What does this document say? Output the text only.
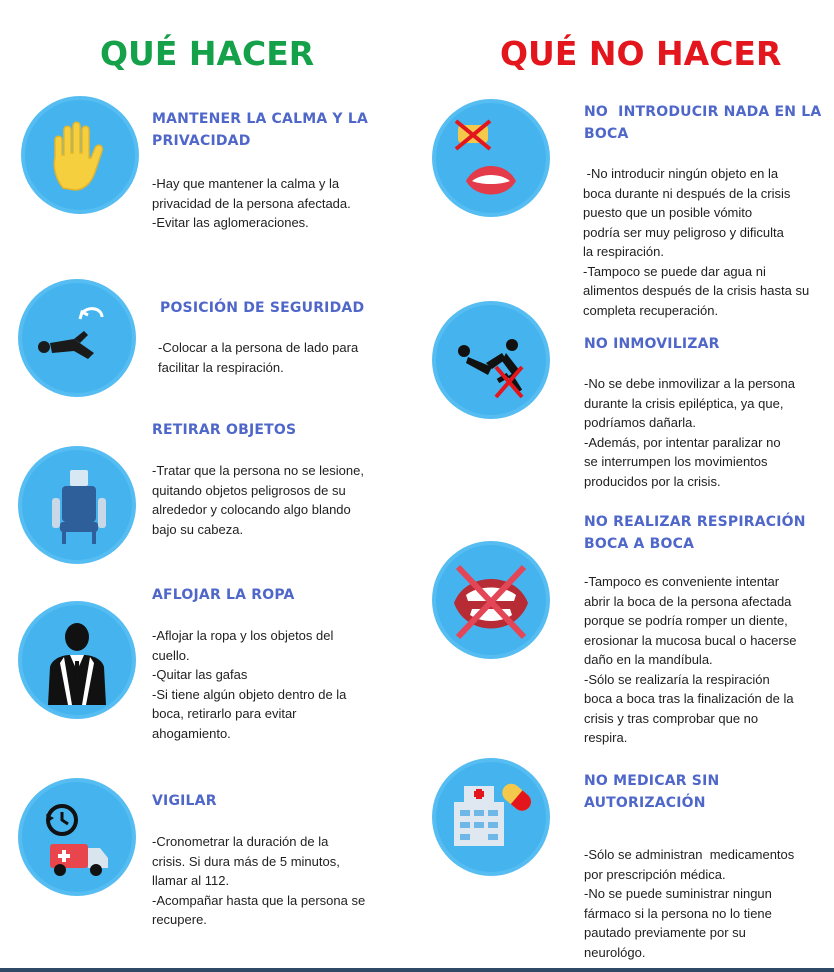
QUÉ HACER	QUÉ NO HACER
MANTENER LA CALMA Y LA
PRIVACIDAD

-Hay que mantener la calma y la
privacidad de la persona afectada.
-Evitar las aglomeraciones.

POSICIÓN DE SEGURIDAD

-Colocar a la persona de lado para
facilitar la respiración.

RETIRAR OBJETOS

-Tratar que la persona no se lesione,
quitando objetos peligrosos de su
alrededor y colocando algo blando
bajo su cabeza.

AFLOJAR LA ROPA

-Aflojar la ropa y los objetos del
cuello.
-Quitar las gafas
-Si tiene algún objeto dentro de la
boca, retirarlo para evitar
ahogamiento.

VIGILAR

-Cronometrar la duración de la
crisis. Si dura más de 5 minutos,
llamar al 112.
-Acompañar hasta que la persona se
recupere.

NO  INTRODUCIR NADA EN LA
BOCA

-No introducir ningún objeto en la
boca durante ni después de la crisis
puesto que un posible vómito
podría ser muy peligroso y dificulta
la respiración.
-Tampoco se puede dar agua ni
alimentos después de la crisis hasta su
completa recuperación.

NO INMOVILIZAR

-No se debe inmovilizar a la persona
durante la crisis epiléptica, ya que,
podríamos dañarla.
-Además, por intentar paralizar no
se interrumpen los movimientos
producidos por la crisis.

NO REALIZAR RESPIRACIÓN
BOCA A BOCA

-Tampoco es conveniente intentar
abrir la boca de la persona afectada
porque se podría romper un diente,
erosionar la mucosa bucal o hacerse
daño en la mandíbula.
-Sólo se realizaría la respiración
boca a boca tras la finalización de la
crisis y tras comprobar que no
respira.

NO MEDICAR SIN
AUTORIZACIÓN

-Sólo se administran  medicamentos
por prescripción médica.
-No se puede suministrar ningun
fármaco si la persona no lo tiene
pautado previamente por su
neurológo.
